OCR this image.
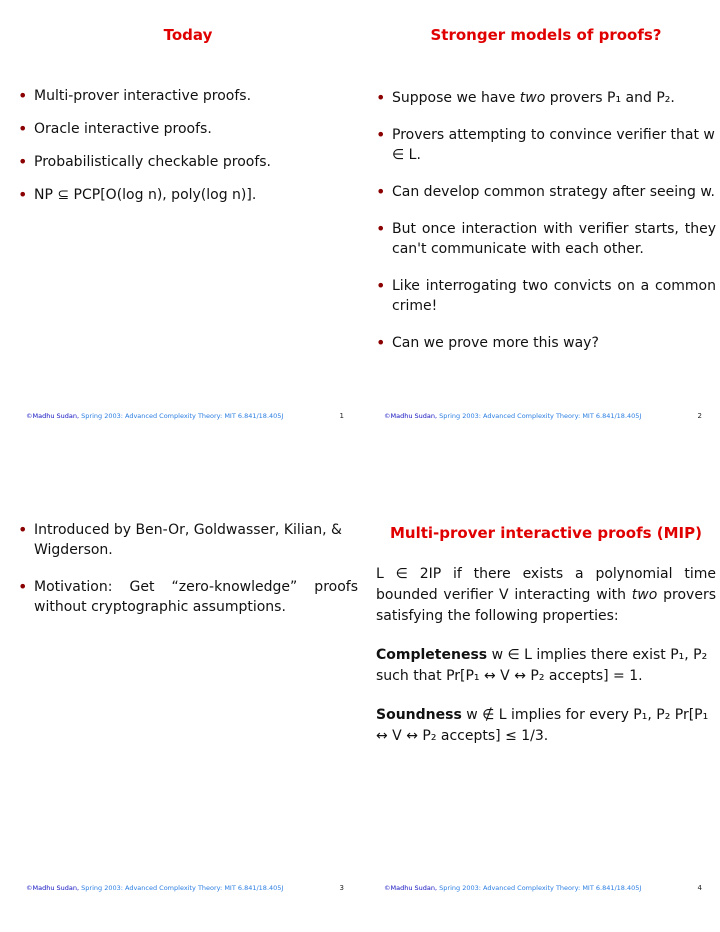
Today
• Multi-prover interactive proofs.
• Oracle interactive proofs.
• Probabilistically checkable proofs.
• NP ⊆ PCP[O(log n), poly(log n)].
©Madhu Sudan, Spring 2003: Advanced Complexity Theory: MIT 6.841/18.405J	1
Stronger models of proofs?
• Suppose we have two provers P₁ and P₂.
• Provers attempting to convince verifier that w ∈ L.
• Can develop common strategy after seeing w.
• But once interaction with verifier starts, they can't communicate with each other.
• Like interrogating two convicts on a common crime!
• Can we prove more this way?
©Madhu Sudan, Spring 2003: Advanced Complexity Theory: MIT 6.841/18.405J	2
• Introduced by Ben-Or, Goldwasser, Kilian, & Wigderson.
• Motivation: Get “zero-knowledge” proofs without cryptographic assumptions.
©Madhu Sudan, Spring 2003: Advanced Complexity Theory: MIT 6.841/18.405J	3
Multi-prover interactive proofs (MIP)

L ∈ 2IP if there exists a polynomial time bounded verifier V interacting with two provers satisfying the following properties:

Completeness w ∈ L implies there exist P₁, P₂ such that Pr[P₁ ↔ V ↔ P₂ accepts] = 1.

Soundness w ∉ L implies for every P₁, P₂ Pr[P₁ ↔ V ↔ P₂ accepts] ≤ 1/3.

©Madhu Sudan, Spring 2003: Advanced Complexity Theory: MIT 6.841/18.405J	4
